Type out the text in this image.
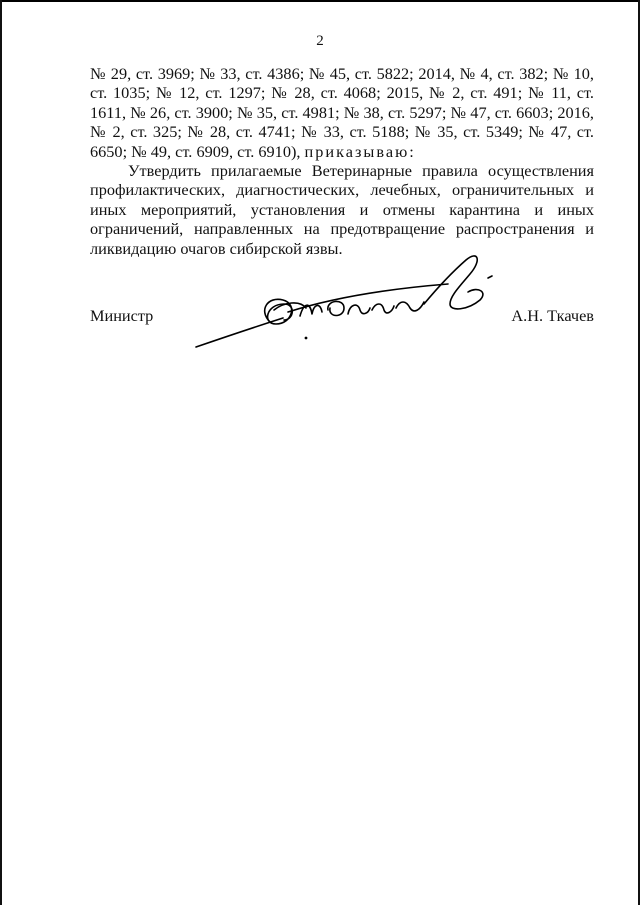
2

№ 29, ст. 3969; № 33, ст. 4386; № 45, ст. 5822; 2014, № 4, ст. 382; № 10, ст. 1035; № 12, ст. 1297; № 28, ст. 4068; 2015, № 2, ст. 491; № 11, ст. 1611, № 26, ст. 3900; № 35, ст. 4981; № 38, ст. 5297; № 47, ст. 6603; 2016, № 2, ст. 325; № 28, ст. 4741; № 33, ст. 5188; № 35, ст. 5349; № 47, ст. 6650; № 49, ст. 6909, ст. 6910), приказываю:

Утвердить прилагаемые Ветеринарные правила осуществления профилактических, диагностических, лечебных, ограничительных и иных мероприятий, установления и отмены карантина и иных ограничений, направленных на предотвращение распространения и ликвидацию очагов сибирской язвы.

Министр	А.Н. Ткачев
